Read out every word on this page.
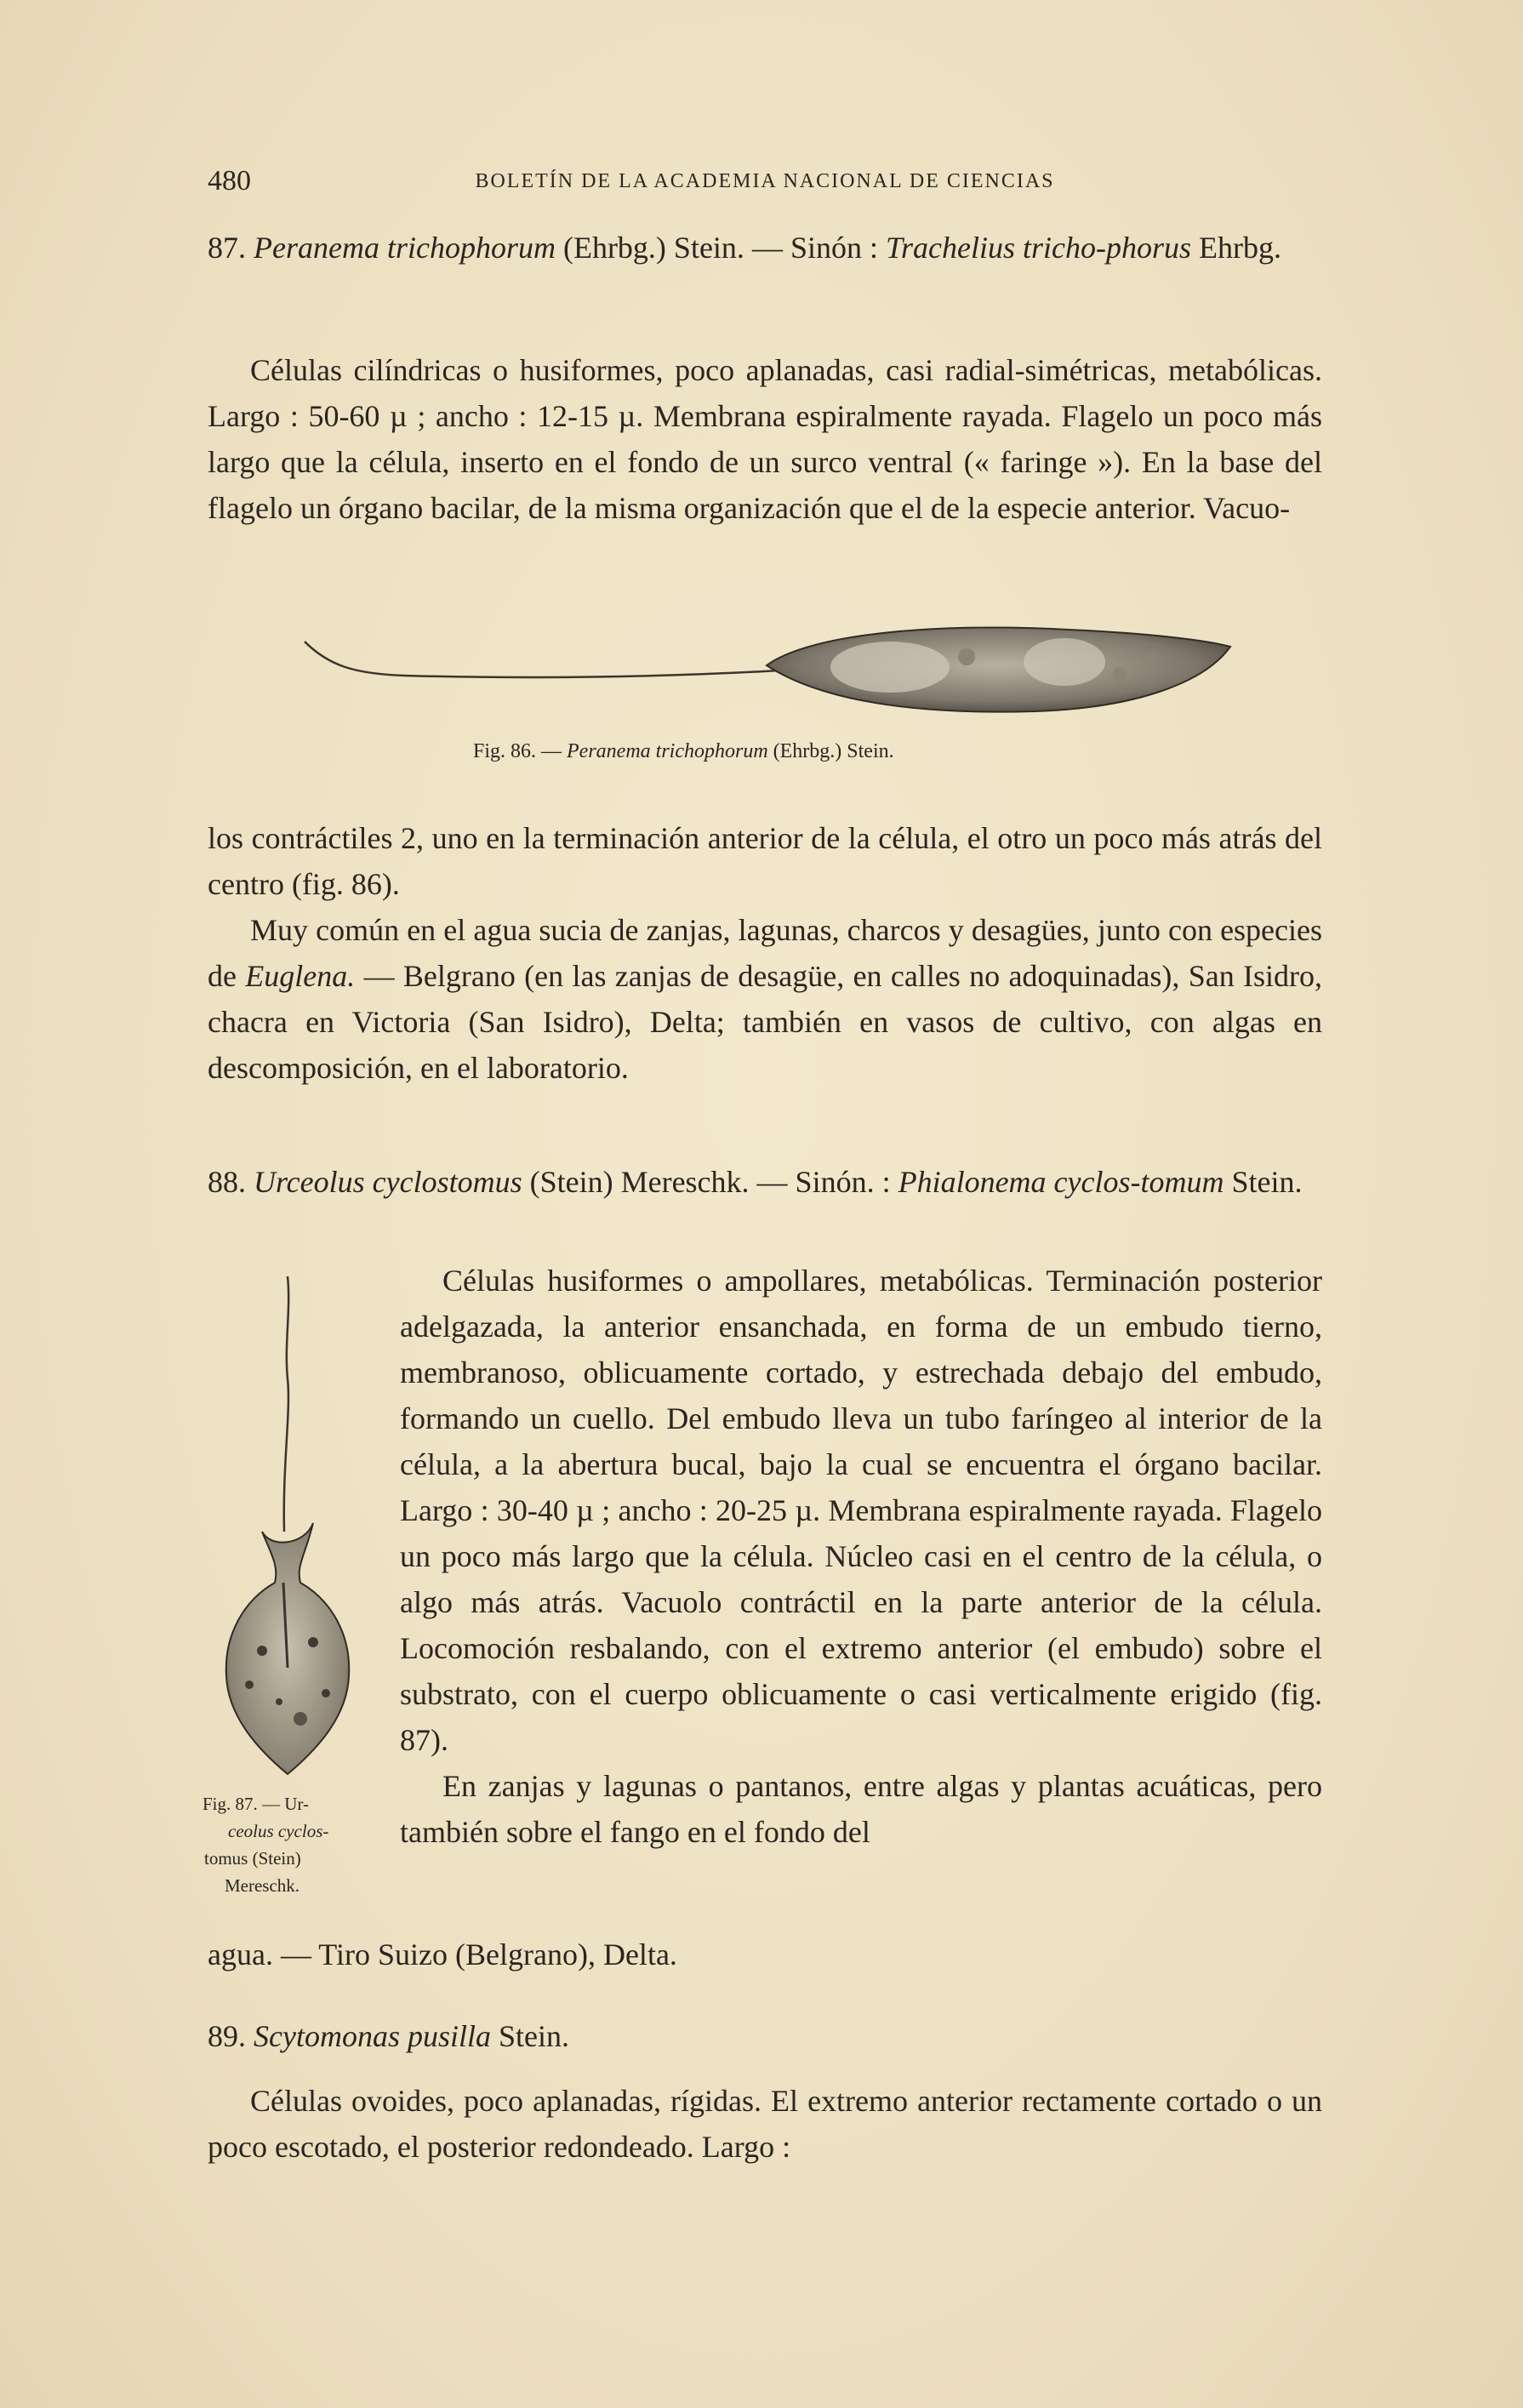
480	BOLETÍN DE LA ACADEMIA NACIONAL DE CIENCIAS

87. Peranema trichophorum (Ehrbg.) Stein. — Sinón : Trachelius tricho-phorus Ehrbg.

Células cilíndricas o husiformes, poco aplanadas, casi radial-simétricas, metabólicas. Largo : 50-60 µ ; ancho : 12-15 µ. Membrana espiralmente rayada. Flagelo un poco más largo que la célula, inserto en el fondo de un surco ventral (« faringe »). En la base del flagelo un órgano bacilar, de la misma organización que el de la especie anterior. Vacuo-

Fig. 86. — Peranema trichophorum (Ehrbg.) Stein.

los contráctiles 2, uno en la terminación anterior de la célula, el otro un poco más atrás del centro (fig. 86).

Muy común en el agua sucia de zanjas, lagunas, charcos y desagües, junto con especies de Euglena. — Belgrano (en las zanjas de desagüe, en calles no adoquinadas), San Isidro, chacra en Victoria (San Isidro), Delta; también en vasos de cultivo, con algas en descomposición, en el laboratorio.

88. Urceolus cyclostomus (Stein) Mereschk. — Sinón. : Phialonema cyclos-tomum Stein.

Fig. 87. — Ur-
ceolus cyclos-
tomus (Stein)
Mereschk.

Células husiformes o ampollares, metabólicas. Terminación posterior adelgazada, la anterior ensanchada, en forma de un embudo tierno, membranoso, oblicuamente cortado, y estrechada debajo del embudo, formando un cuello. Del embudo lleva un tubo faríngeo al interior de la célula, a la abertura bucal, bajo la cual se encuentra el órgano bacilar. Largo : 30-40 µ ; ancho : 20-25 µ. Membrana espiralmente rayada. Flagelo un poco más largo que la célula. Núcleo casi en el centro de la célula, o algo más atrás. Vacuolo contráctil en la parte anterior de la célula. Locomoción resbalando, con el extremo anterior (el embudo) sobre el substrato, con el cuerpo oblicuamente o casi verticalmente erigido (fig. 87).

En zanjas y lagunas o pantanos, entre algas y plantas acuáticas, pero también sobre el fango en el fondo del

agua. — Tiro Suizo (Belgrano), Delta.

89. Scytomonas pusilla Stein.

Células ovoides, poco aplanadas, rígidas. El extremo anterior rectamente cortado o un poco escotado, el posterior redondeado. Largo :
